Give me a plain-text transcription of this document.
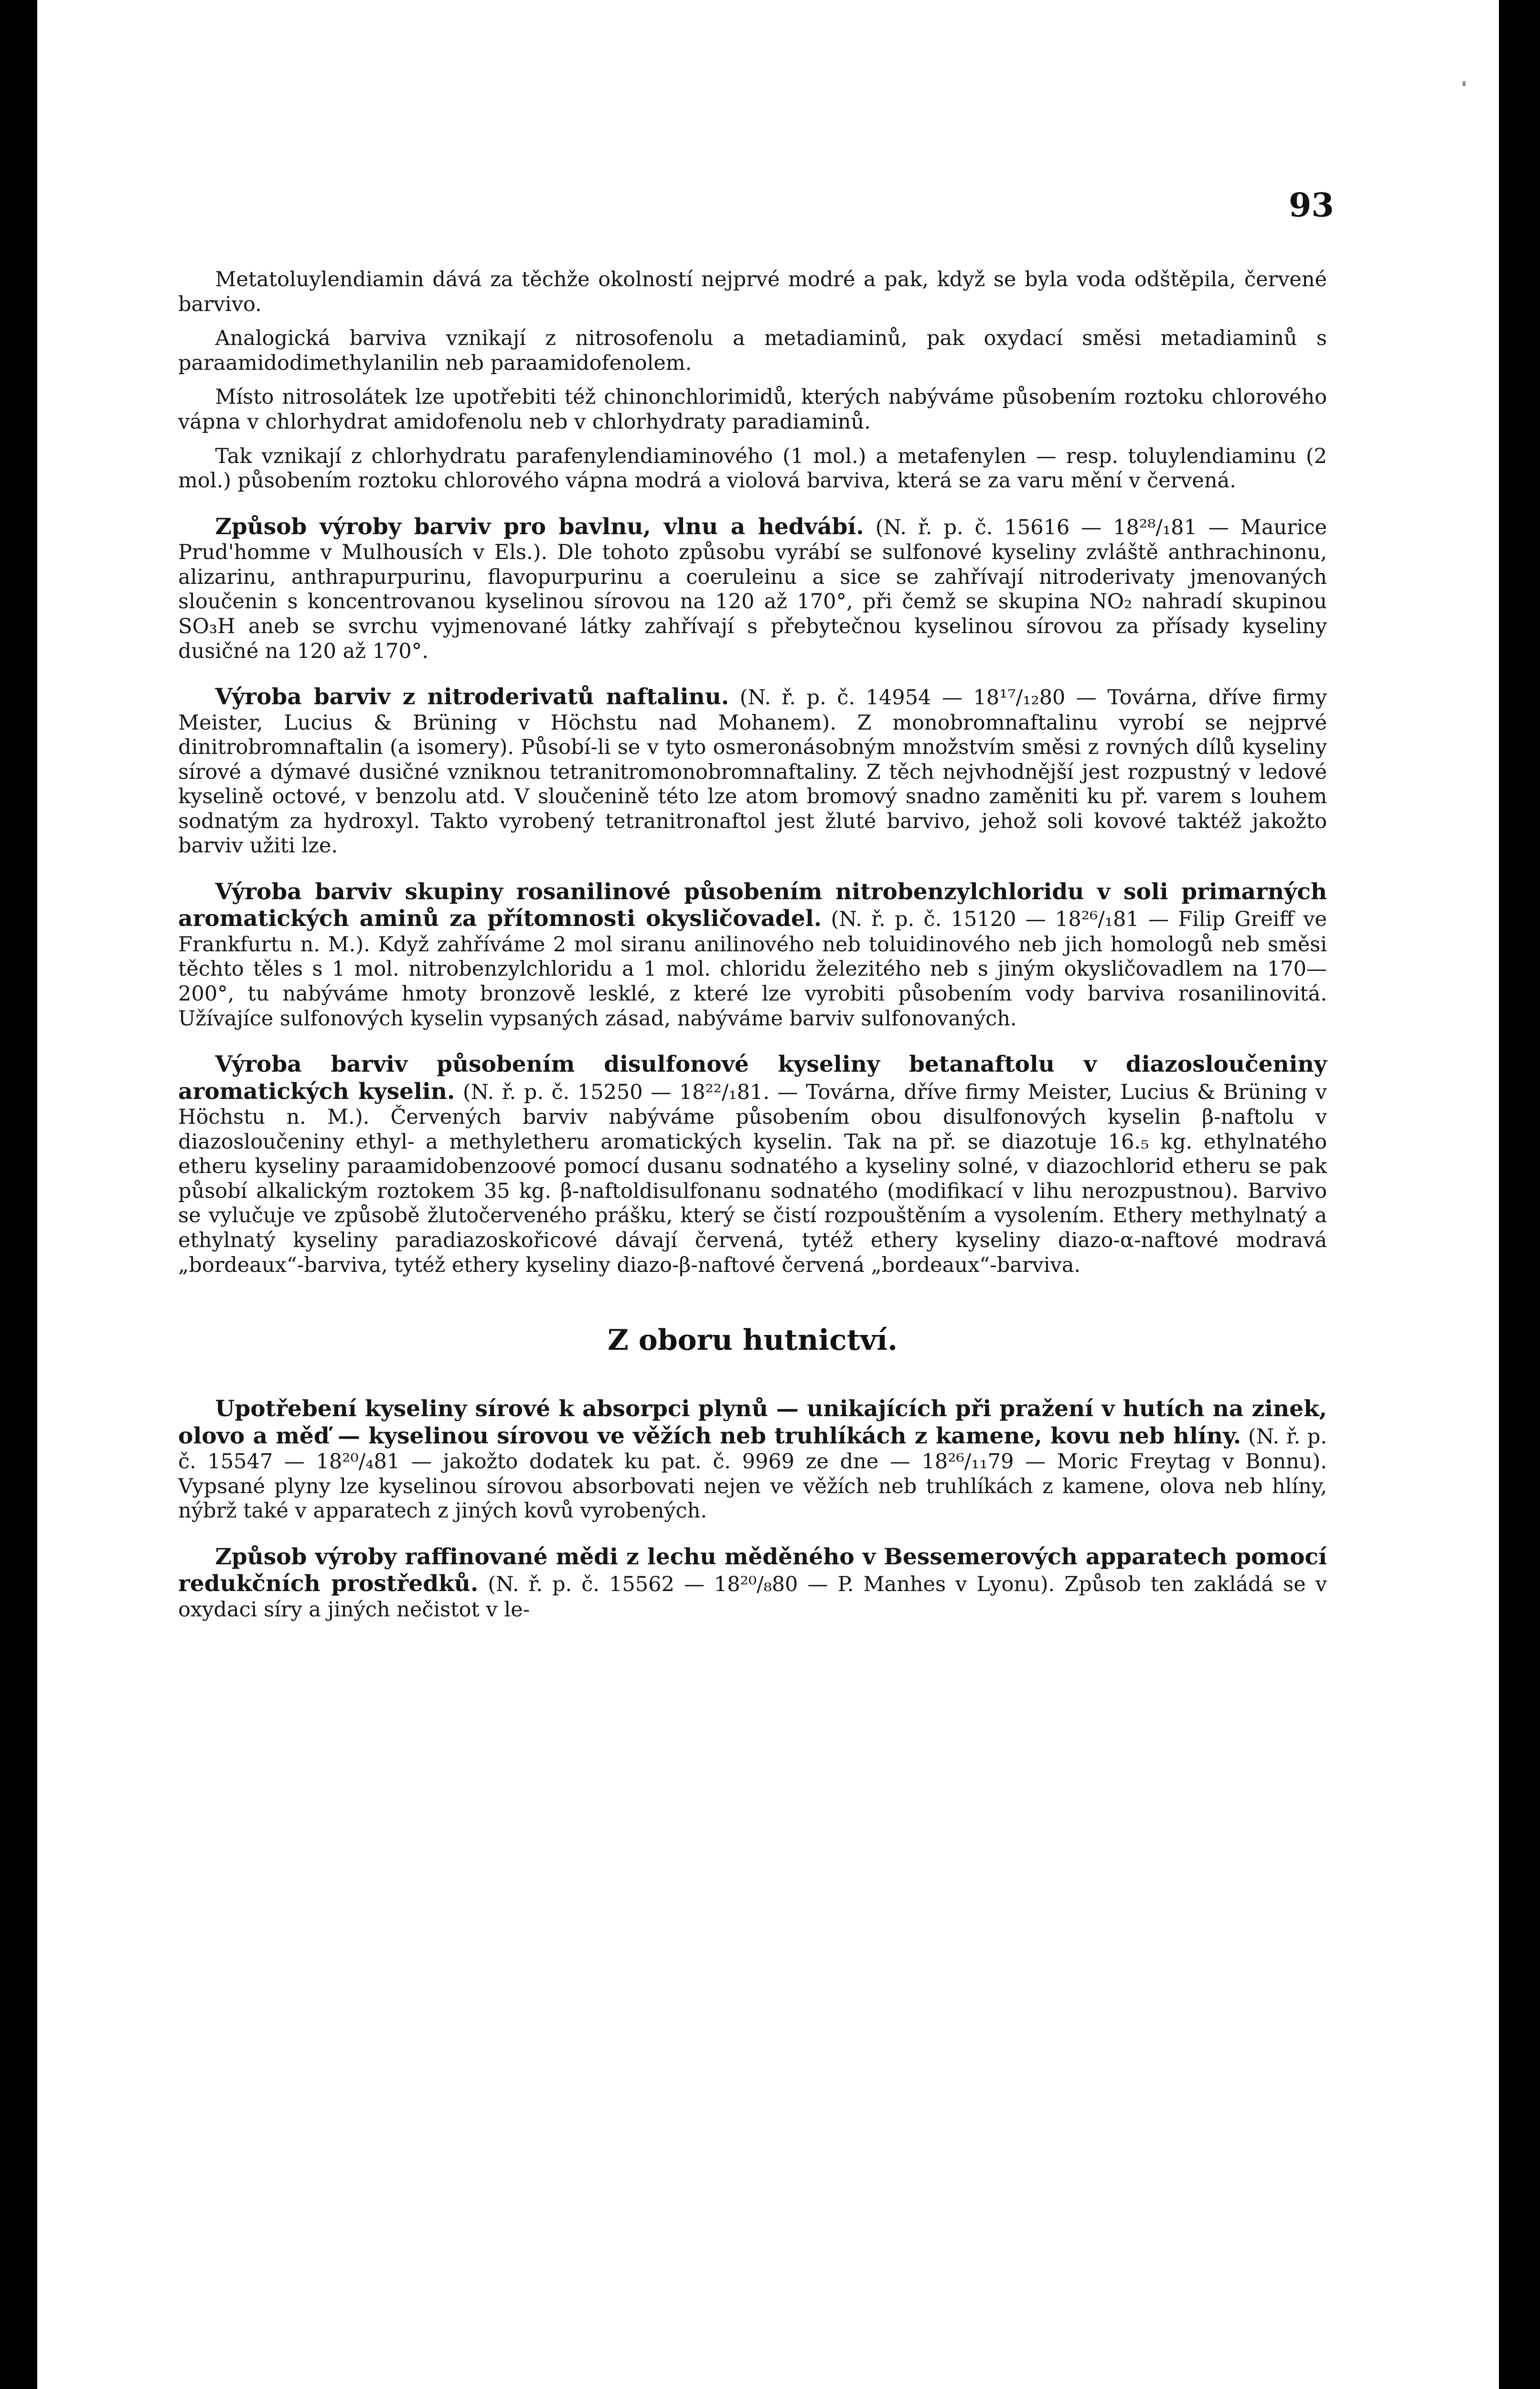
93

Metatoluylendiamin dává za těchže okolností nejprvé modré a pak, když se byla voda odštěpila, červené barvivo.

Analogická barviva vznikají z nitrosofenolu a metadiaminů, pak oxydací směsi metadiaminů s paraamidodimethylanilin neb paraamidofenolem.

Místo nitrosolátek lze upotřebiti též chinonchlorimidů, kterých nabýváme působením roztoku chlorového vápna v chlorhydrat amidofenolu neb v chlorhydraty paradiaminů.

Tak vznikají z chlorhydratu parafenylendiaminového (1 mol.) a metafenylen — resp. toluylendiaminu (2 mol.) působením roztoku chlorového vápna modrá a violová barviva, která se za varu mění v červená.

Způsob výroby barviv pro bavlnu, vlnu a hedvábí. (N. ř. p. č. 15616 — 18²⁸/₁81 — Maurice Prud'homme v Mulhousích v Els.). Dle tohoto způsobu vyrábí se sulfonové kyseliny zvláště anthrachinonu, alizarinu, anthrapurpurinu, flavopurpurinu a coeruleinu a sice se zahřívají nitroderivaty jmenovaných sloučenin s koncentrovanou kyselinou sírovou na 120 až 170°, při čemž se skupina NO₂ nahradí skupinou SO₃H aneb se svrchu vyjmenované látky zahřívají s přebytečnou kyselinou sírovou za přísady kyseliny dusičné na 120 až 170°.

Výroba barviv z nitroderivatů naftalinu. (N. ř. p. č. 14954 — 18¹⁷/₁₂80 — Továrna, dříve firmy Meister, Lucius & Brüning v Höchstu nad Mohanem). Z monobromnaftalinu vyrobí se nejprvé dinitrobromnaftalin (a isomery). Působí-li se v tyto osmeronásobným množstvím směsi z rovných dílů kyseliny sírové a dýmavé dusičné vzniknou tetranitromonobromnaftaliny. Z těch nejvhodnější jest rozpustný v ledové kyselině octové, v benzolu atd. V sloučenině této lze atom bromový snadno zaměniti ku př. varem s louhem sodnatým za hydroxyl. Takto vyrobený tetranitronaftol jest žluté barvivo, jehož soli kovové taktéž jakožto barviv užiti lze.

Výroba barviv skupiny rosanilinové působením nitrobenzylchloridu v soli primarných aromatických aminů za přítomnosti okysličovadel. (N. ř. p. č. 15120 — 18²⁶/₁81 — Filip Greiff ve Frankfurtu n. M.). Když zahříváme 2 mol siranu anilinového neb toluidinového neb jich homologů neb směsi těchto těles s 1 mol. nitrobenzylchloridu a 1 mol. chloridu železitého neb s jiným okysličovadlem na 170—200°, tu nabýváme hmoty bronzově lesklé, z které lze vyrobiti působením vody barviva rosanilinovitá. Užívajíce sulfonových kyselin vypsaných zásad, nabýváme barviv sulfonovaných.

Výroba barviv působením disulfonové kyseliny betanaftolu v diazosloučeniny aromatických kyselin. (N. ř. p. č. 15250 — 18²²/₁81. — Továrna, dříve firmy Meister, Lucius & Brüning v Höchstu n. M.). Červených barviv nabýváme působením obou disulfonových kyselin β-naftolu v diazosloučeniny ethyl- a methyletheru aromatických kyselin. Tak na př. se diazotuje 16.₅ kg. ethylnatého etheru kyseliny paraamidobenzoové pomocí dusanu sodnatého a kyseliny solné, v diazochlorid etheru se pak působí alkalickým roztokem 35 kg. β-naftoldisulfonanu sodnatého (modifikací v lihu nerozpustnou). Barvivo se vylučuje ve způsobě žlutočerveného prášku, který se čistí rozpouštěním a vysolením. Ethery methylnatý a ethylnatý kyseliny paradiazoskořicové dávají červená, tytéž ethery kyseliny diazo-α-naftové modravá „bordeaux“-barviva, tytéž ethery kyseliny diazo-β-naftové červená „bordeaux“-barviva.

Z oboru hutnictví.

Upotřebení kyseliny sírové k absorpci plynů — unikajících při pražení v hutích na zinek, olovo a měď — kyselinou sírovou ve věžích neb truhlíkách z kamene, kovu neb hlíny. (N. ř. p. č. 15547 — 18²⁰/₄81 — jakožto dodatek ku pat. č. 9969 ze dne — 18²⁶/₁₁79 — Moric Freytag v Bonnu). Vypsané plyny lze kyselinou sírovou absorbovati nejen ve věžích neb truhlíkách z kamene, olova neb hlíny, nýbrž také v apparatech z jiných kovů vyrobených.

Způsob výroby raffinované mědi z lechu měděného v Bessemerových apparatech pomocí redukčních prostředků. (N. ř. p. č. 15562 — 18²⁰/₈80 — P. Manhes v Lyonu). Způsob ten zakládá se v oxydaci síry a jiných nečistot v le-
